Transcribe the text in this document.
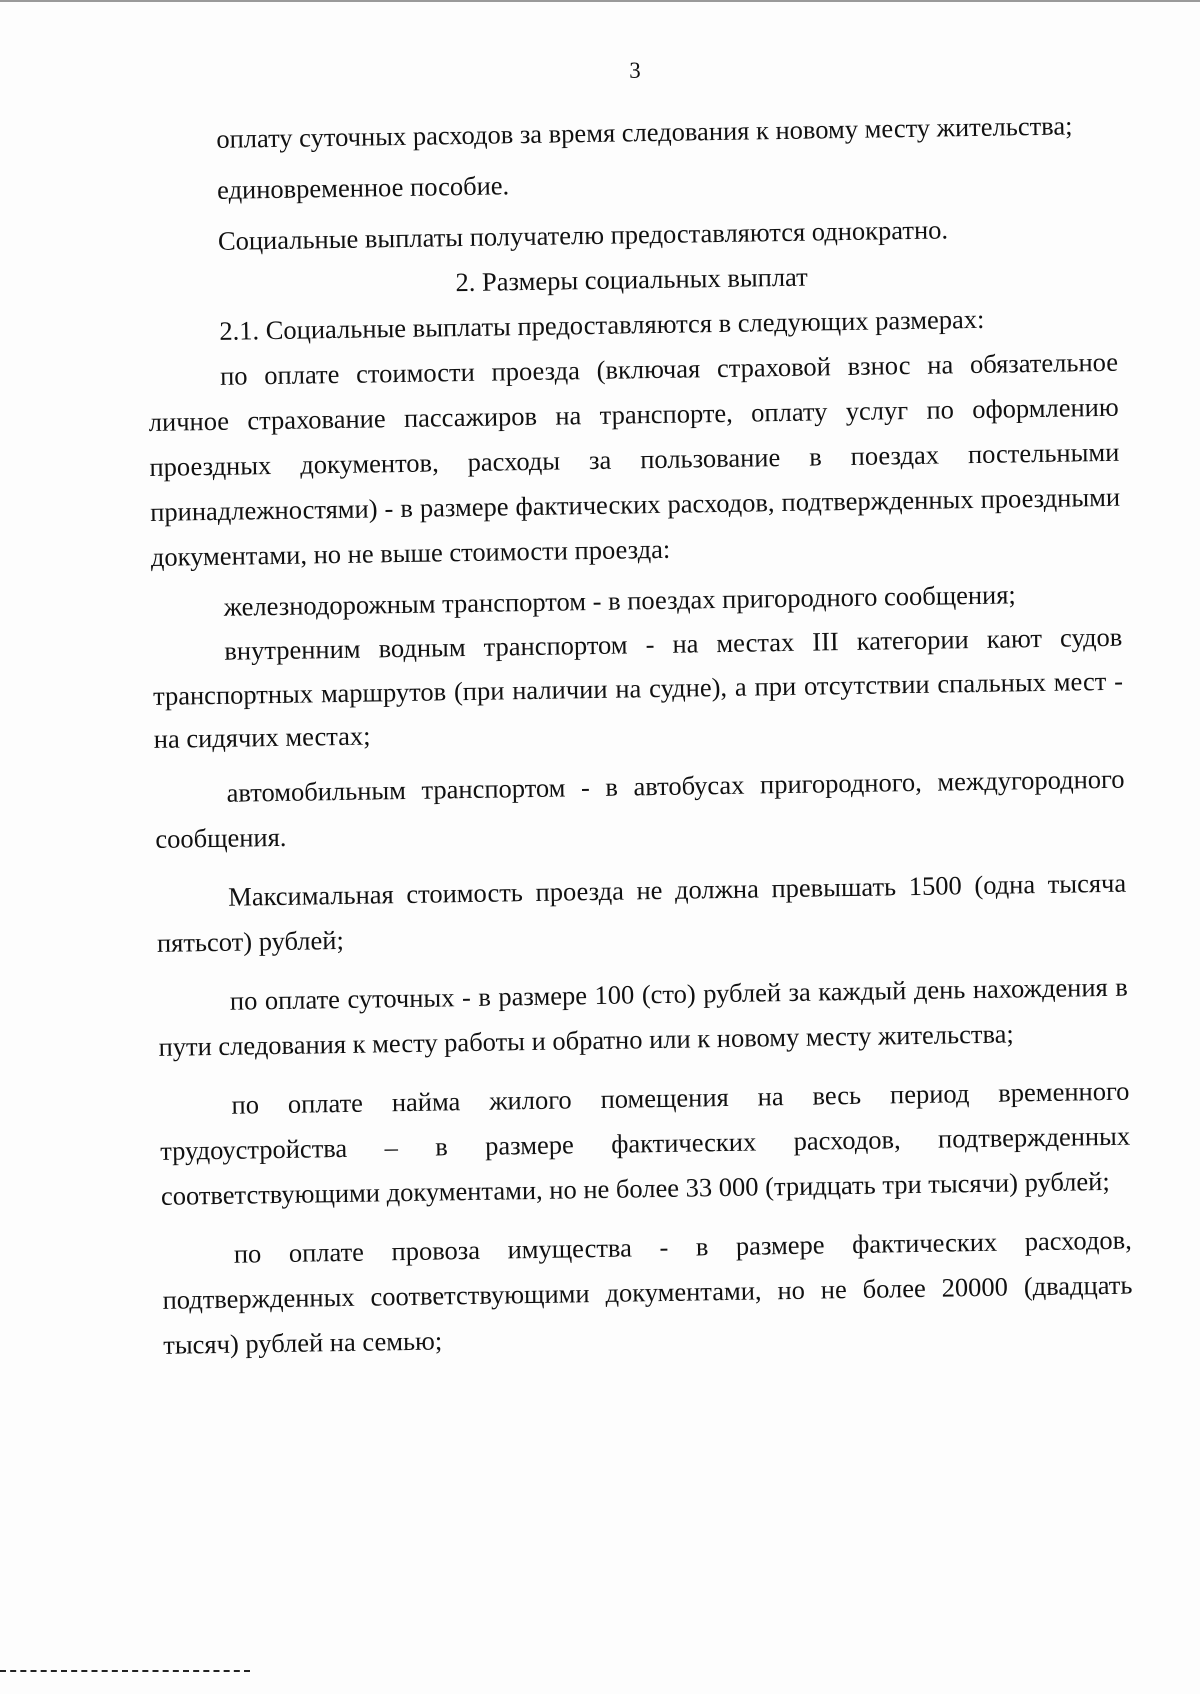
3

оплату суточных расходов за время следования к новому месту жительства;

единовременное пособие.

Социальные выплаты получателю предоставляются однократно.

2. Размеры социальных выплат

2.1. Социальные выплаты предоставляются в следующих размерах:

по оплате стоимости проезда (включая страховой взнос на обязательное личное страхование пассажиров на транспорте, оплату услуг по оформлению проездных документов, расходы за пользование в поездах постельными принадлежностями) - в размере фактических расходов, подтвержденных проездными документами, но не выше стоимости проезда:

железнодорожным транспортом - в поездах пригородного сообщения;

внутренним водным транспортом - на местах III категории кают судов транспортных маршрутов (при наличии на судне), а при отсутствии спальных мест - на сидячих местах;

автомобильным транспортом - в автобусах пригородного, междугородного сообщения.

Максимальная стоимость проезда не должна превышать 1500 (одна тысяча пятьсот) рублей;

по оплате суточных - в размере 100 (сто) рублей за каждый день нахождения в пути следования к месту работы и обратно или к новому месту жительства;

по оплате найма жилого помещения на весь период временного трудоустройства – в размере фактических расходов, подтвержденных соответствующими документами, но не более 33 000 (тридцать три тысячи) рублей;

по оплате провоза имущества - в размере фактических расходов, подтвержденных соответствующими документами, но не более 20000 (двадцать тысяч) рублей на семью;
